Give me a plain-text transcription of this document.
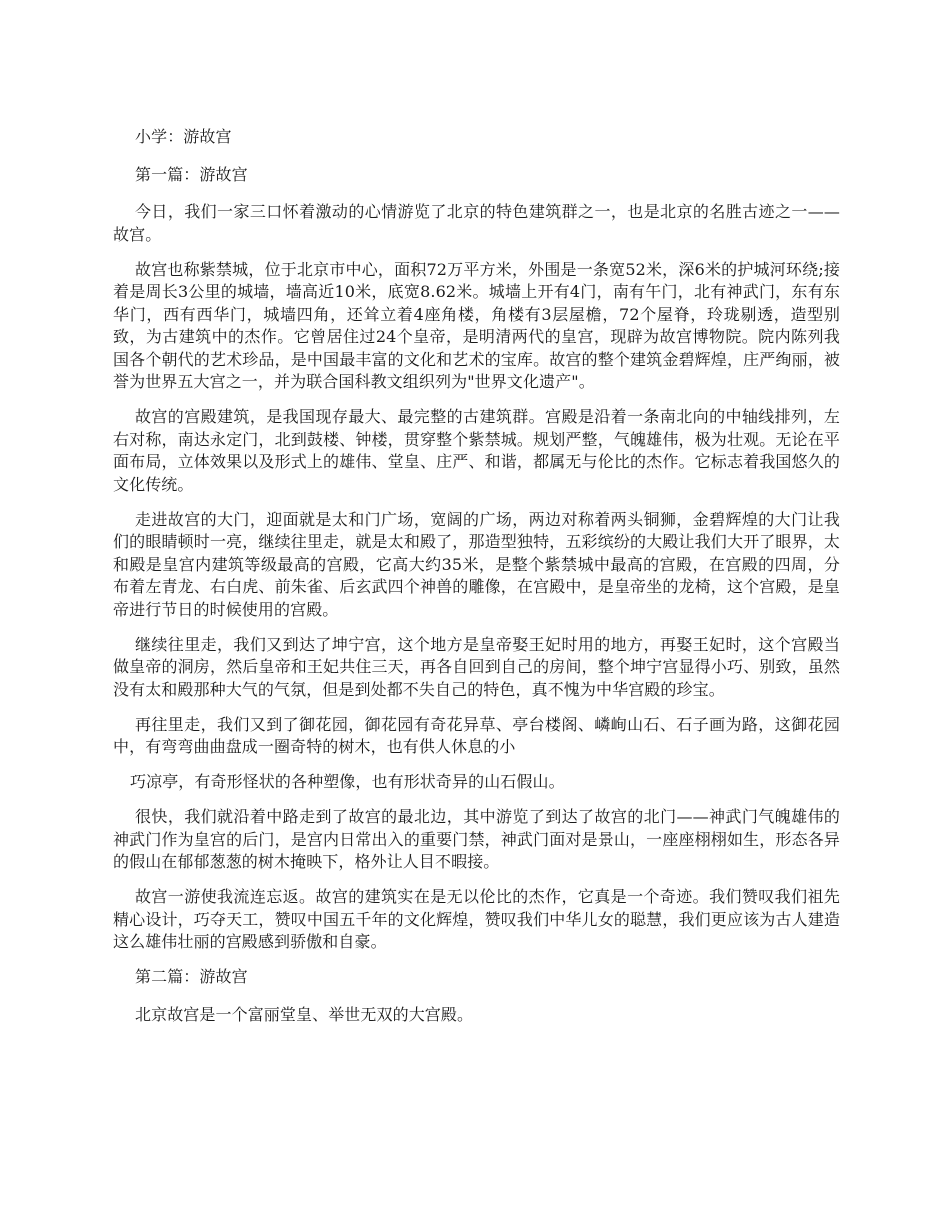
小学：游故宫

第一篇：游故宫

今日，我们一家三口怀着激动的心情游览了北京的特色建筑群之一，也是北京的名胜古迹之一——故宫。

故宫也称紫禁城，位于北京市中心，面积72万平方米，外围是一条宽52米，深6米的护城河环绕;接着是周长3公里的城墙，墙高近10米，底宽8.62米。城墙上开有4门，南有午门，北有神武门，东有东华门，西有西华门，城墙四角，还耸立着4座角楼，角楼有3层屋檐，72个屋脊，玲珑剔透，造型别致，为古建筑中的杰作。它曾居住过24个皇帝，是明清两代的皇宫，现辟为故宫博物院。院内陈列我国各个朝代的艺术珍品，是中国最丰富的文化和艺术的宝库。故宫的整个建筑金碧辉煌，庄严绚丽，被誉为世界五大宫之一，并为联合国科教文组织列为"世界文化遗产"。

故宫的宫殿建筑，是我国现存最大、最完整的古建筑群。宫殿是沿着一条南北向的中轴线排列，左右对称，南达永定门，北到鼓楼、钟楼，贯穿整个紫禁城。规划严整，气魄雄伟，极为壮观。无论在平面布局，立体效果以及形式上的雄伟、堂皇、庄严、和谐，都属无与伦比的杰作。它标志着我国悠久的文化传统。

走进故宫的大门，迎面就是太和门广场，宽阔的广场，两边对称着两头铜狮，金碧辉煌的大门让我们的眼睛顿时一亮，继续往里走，就是太和殿了，那造型独特，五彩缤纷的大殿让我们大开了眼界，太和殿是皇宫内建筑等级最高的宫殿，它高大约35米，是整个紫禁城中最高的宫殿，在宫殿的四周，分布着左青龙、右白虎、前朱雀、后玄武四个神兽的雕像，在宫殿中，是皇帝坐的龙椅，这个宫殿，是皇帝进行节日的时候使用的宫殿。

继续往里走，我们又到达了坤宁宫，这个地方是皇帝娶王妃时用的地方，再娶王妃时，这个宫殿当做皇帝的洞房，然后皇帝和王妃共住三天，再各自回到自己的房间，整个坤宁宫显得小巧、别致，虽然没有太和殿那种大气的气氛，但是到处都不失自己的特色，真不愧为中华宫殿的珍宝。

再往里走，我们又到了御花园，御花园有奇花异草、亭台楼阁、嶙峋山石、石子画为路，这御花园中，有弯弯曲曲盘成一圈奇特的树木，也有供人休息的小

巧凉亭，有奇形怪状的各种塑像，也有形状奇异的山石假山。

很快，我们就沿着中路走到了故宫的最北边，其中游览了到达了故宫的北门——神武门气魄雄伟的神武门作为皇宫的后门，是宫内日常出入的重要门禁，神武门面对是景山，一座座栩栩如生，形态各异的假山在郁郁葱葱的树木掩映下，格外让人目不暇接。

故宫一游使我流连忘返。故宫的建筑实在是无以伦比的杰作，它真是一个奇迹。我们赞叹我们祖先精心设计，巧夺天工，赞叹中国五千年的文化辉煌，赞叹我们中华儿女的聪慧，我们更应该为古人建造这么雄伟壮丽的宫殿感到骄傲和自豪。

第二篇：游故宫

北京故宫是一个富丽堂皇、举世无双的大宫殿。
